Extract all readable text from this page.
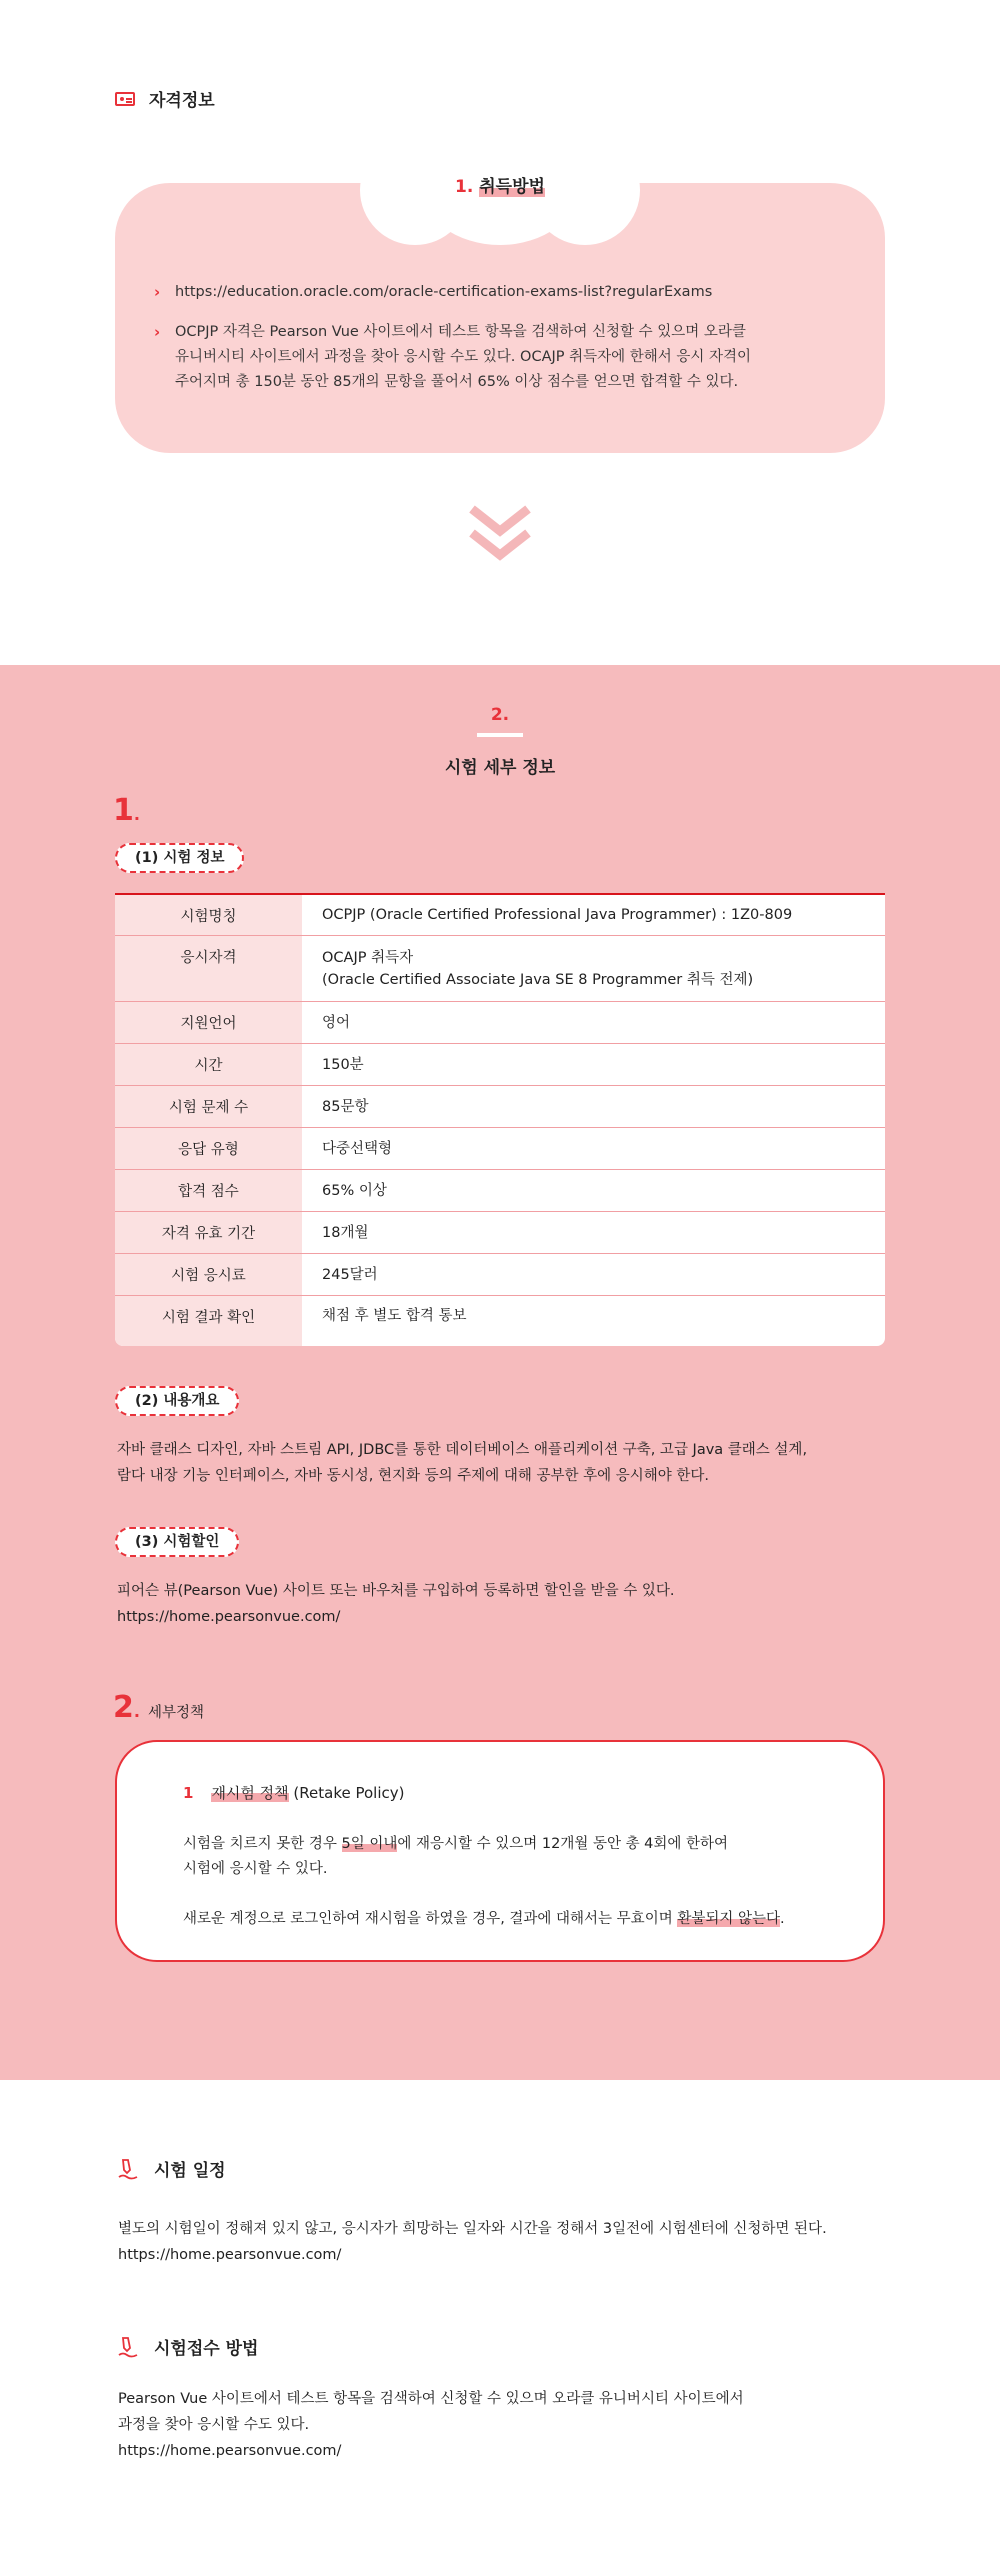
자격정보
1. 취득방법
› https://education.oracle.com/oracle-certification-exams-list?regularExams
› OCPJP 자격은 Pearson Vue 사이트에서 테스트 항목을 검색하여 신청할 수 있으며 오라클
유니버시티 사이트에서 과정을 찾아 응시할 수도 있다. OCAJP 취득자에 한해서 응시 자격이
주어지며 총 150분 동안 85개의 문항을 풀어서 65% 이상 점수를 얻으면 합격할 수 있다.
2.
시험 세부 정보
1.
(1) 시험 정보
시험명칭	OCPJP (Oracle Certified Professional Java Programmer) : 1Z0-809
응시자격	OCAJP 취득자
(Oracle Certified Associate Java SE 8 Programmer 취득 전제)
지원언어	영어
시간	150분
시험 문제 수	85문항
응답 유형	다중선택형
합격 점수	65% 이상
자격 유효 기간	18개월
시험 응시료	245달러
시험 결과 확인	채점 후 별도 합격 통보
(2) 내용개요
자바 클래스 디자인, 자바 스트림 API, JDBC를 통한 데이터베이스 애플리케이션 구축, 고급 Java 클래스 설계,
람다 내장 기능 인터페이스, 자바 동시성, 현지화 등의 주제에 대해 공부한 후에 응시해야 한다.
(3) 시험할인
피어슨 뷰(Pearson Vue) 사이트 또는 바우처를 구입하여 등록하면 할인을 받을 수 있다.
https://home.pearsonvue.com/
2 . 세부정책
1 재시험 정책 (Retake Policy)
시험을 치르지 못한 경우 5일 이내에 재응시할 수 있으며 12개월 동안 총 4회에 한하여
시험에 응시할 수 있다.
새로운 계정으로 로그인하여 재시험을 하였을 경우, 결과에 대해서는 무효이며 환불되지 않는다.
시험 일정
별도의 시험일이 정해져 있지 않고, 응시자가 희망하는 일자와 시간을 정해서 3일전에 시험센터에 신청하면 된다.
https://home.pearsonvue.com/
시험접수 방법
Pearson Vue 사이트에서 테스트 항목을 검색하여 신청할 수 있으며 오라클 유니버시티 사이트에서
과정을 찾아 응시할 수도 있다.
https://home.pearsonvue.com/
